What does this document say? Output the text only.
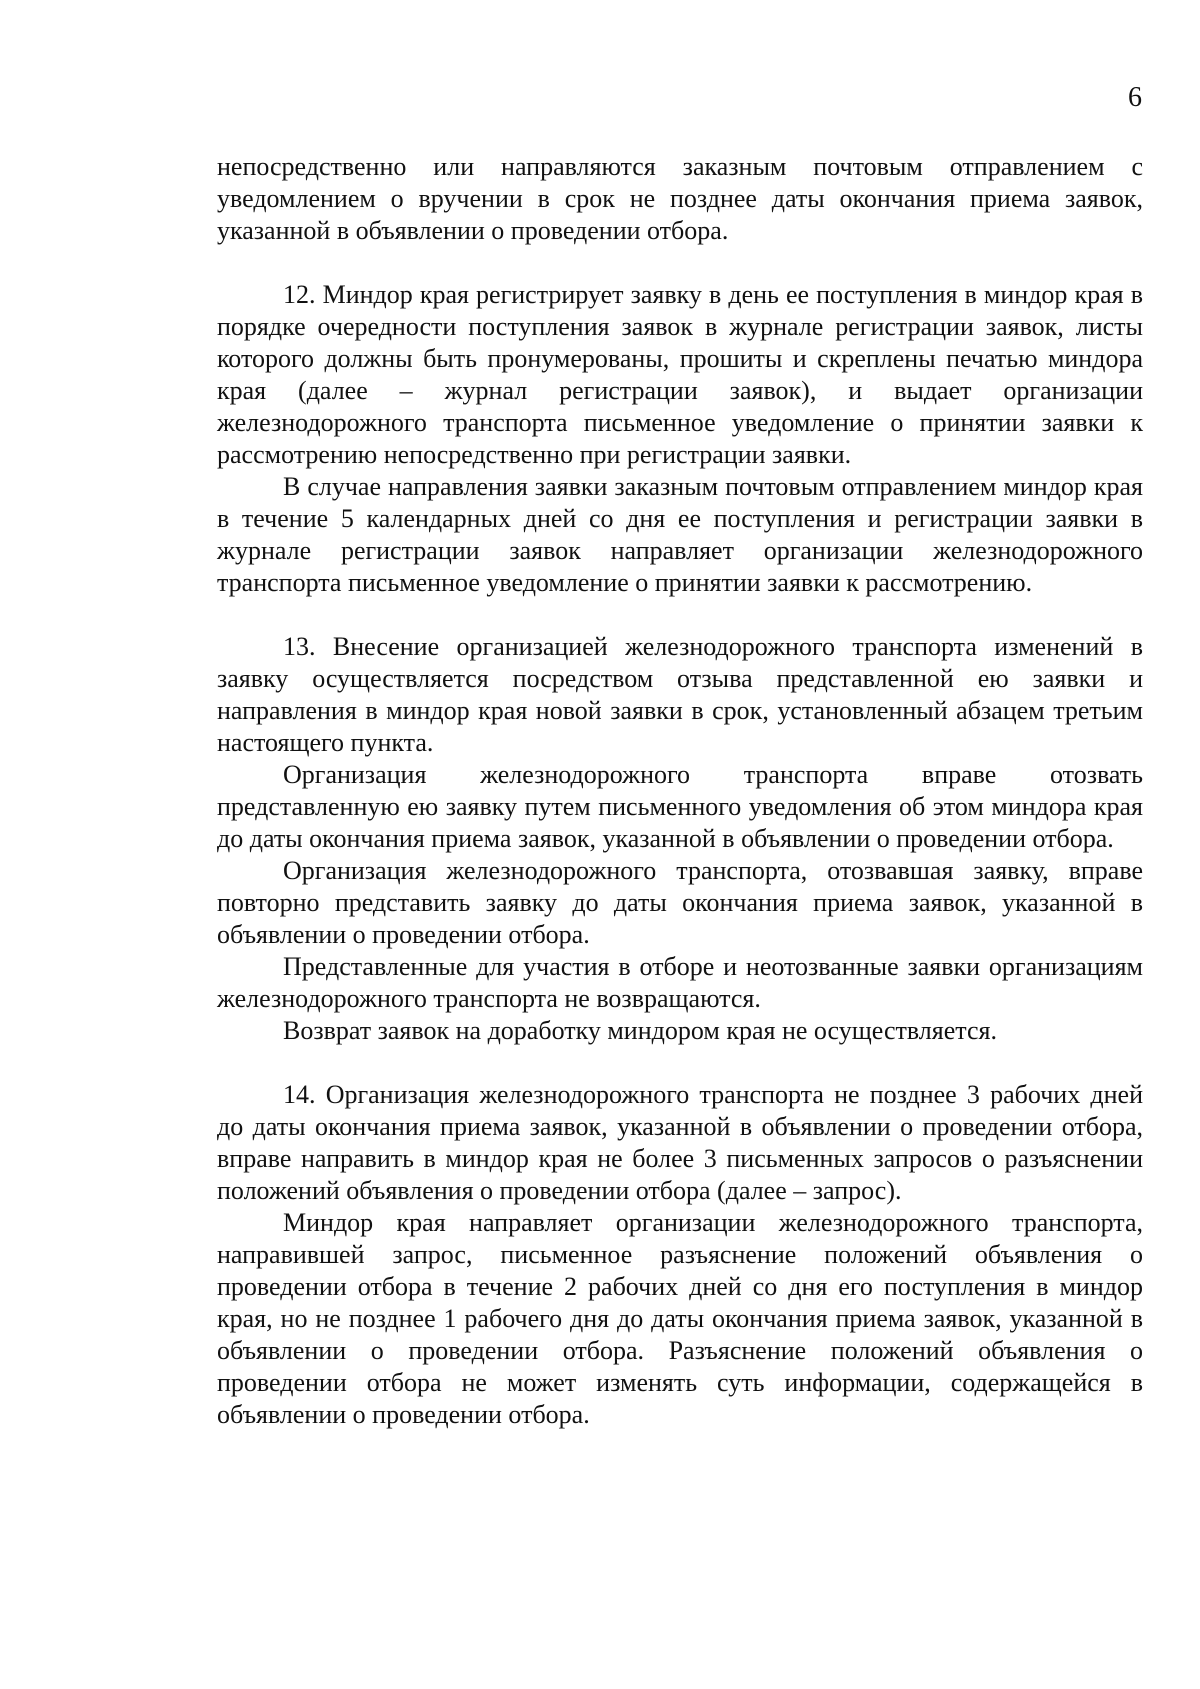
6

непосредственно или направляются заказным почтовым отправлением с уведомлением о вручении в срок не позднее даты окончания приема заявок, указанной в объявлении о проведении отбора.

12. Миндор края регистрирует заявку в день ее поступления в миндор края в порядке очередности поступления заявок в журнале регистрации заявок, листы которого должны быть пронумерованы, прошиты и скреплены печатью миндора края (далее – журнал регистрации заявок), и выдает организации железнодорожного транспорта письменное уведомление о принятии заявки к рассмотрению непосредственно при регистрации заявки.

В случае направления заявки заказным почтовым отправлением миндор края в течение 5 календарных дней со дня ее поступления и регистрации заявки в журнале регистрации заявок направляет организации железнодорожного транспорта письменное уведомление о принятии заявки к рассмотрению.

13. Внесение организацией железнодорожного транспорта изменений в заявку осуществляется посредством отзыва представленной ею заявки и направления в миндор края новой заявки в срок, установленный абзацем третьим настоящего пункта.

Организация железнодорожного транспорта вправе отозвать представленную ею заявку путем письменного уведомления об этом миндора края до даты окончания приема заявок, указанной в объявлении о проведении отбора.

Организация железнодорожного транспорта, отозвавшая заявку, вправе повторно представить заявку до даты окончания приема заявок, указанной в объявлении о проведении отбора.

Представленные для участия в отборе и неотозванные заявки организациям железнодорожного транспорта не возвращаются.

Возврат заявок на доработку миндором края не осуществляется.

14. Организация железнодорожного транспорта не позднее 3 рабочих дней до даты окончания приема заявок, указанной в объявлении о проведении отбора, вправе направить в миндор края не более 3 письменных запросов о разъяснении положений объявления о проведении отбора (далее – запрос).

Миндор края направляет организации железнодорожного транспорта, направившей запрос, письменное разъяснение положений объявления о проведении отбора в течение 2 рабочих дней со дня его поступления в миндор края, но не позднее 1 рабочего дня до даты окончания приема заявок, указанной в объявлении о проведении отбора. Разъяснение положений объявления о проведении отбора не может изменять суть информации, содержащейся в объявлении о проведении отбора.
